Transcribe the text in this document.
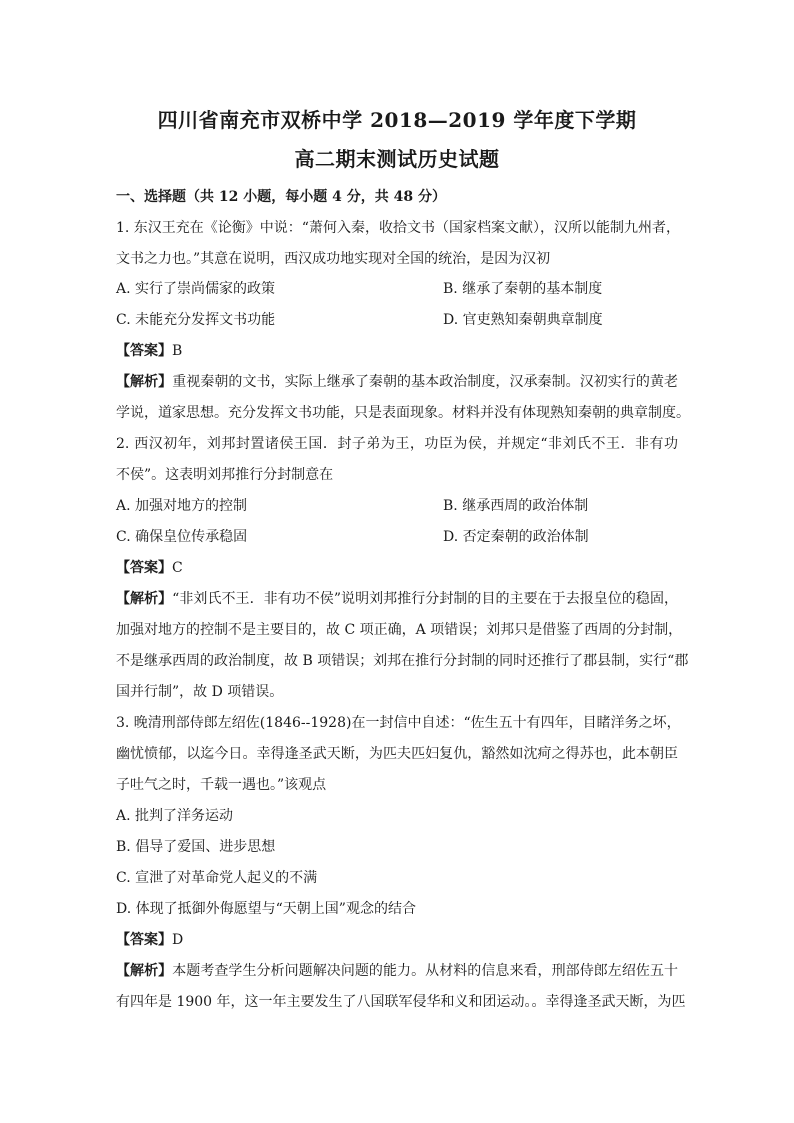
四川省南充市双桥中学 2018—2019 学年度下学期
高二期末测试历史试题
一、选择题（共 12 小题，每小题 4 分，共 48 分）
1. 东汉王充在《论衡》中说：“萧何入秦，收拾文书（国家档案文献），汉所以能制九州者，
文书之力也。”其意在说明，西汉成功地实现对全国的统治，是因为汉初
A. 实行了崇尚儒家的政策	B. 继承了秦朝的基本制度
C. 未能充分发挥文书功能	D. 官吏熟知秦朝典章制度
【答案】B
【解析】重视秦朝的文书，实际上继承了秦朝的基本政治制度，汉承秦制。汉初实行的黄老
学说，道家思想。充分发挥文书功能，只是表面现象。材料并没有体现熟知秦朝的典章制度。
2. 西汉初年，刘邦封置诸侯王国．封子弟为王，功臣为侯，并规定“非刘氏不王．非有功
不侯”。这表明刘邦推行分封制意在
A. 加强对地方的控制	B. 继承西周的政治体制
C. 确保皇位传承稳固	D. 否定秦朝的政治体制
【答案】C
【解析】“非刘氏不王．非有功不侯”说明刘邦推行分封制的目的主要在于去报皇位的稳固，
加强对地方的控制不是主要目的，故 C 项正确，A 项错误；刘邦只是借鉴了西周的分封制，
不是继承西周的政治制度，故 B 项错误；刘邦在推行分封制的同时还推行了郡县制，实行“郡
国并行制”，故 D 项错误。
3. 晚清刑部侍郎左绍佐(1846--1928)在一封信中自述：“佐生五十有四年，目睹洋务之坏，
幽忧愤郁，以迄今日。幸得逢圣武天断，为匹夫匹妇复仇，豁然如沈疴之得苏也，此本朝臣
子吐气之时，千载一遇也。”该观点
A. 批判了洋务运动
B. 倡导了爱国、进步思想
C. 宣泄了对革命党人起义的不满
D. 体现了抵御外侮愿望与“天朝上国”观念的结合
【答案】D
【解析】本题考查学生分析问题解决问题的能力。从材料的信息来看，刑部侍郎左绍佐五十
有四年是 1900 年，这一年主要发生了八国联军侵华和义和团运动。。幸得逢圣武天断，为匹
